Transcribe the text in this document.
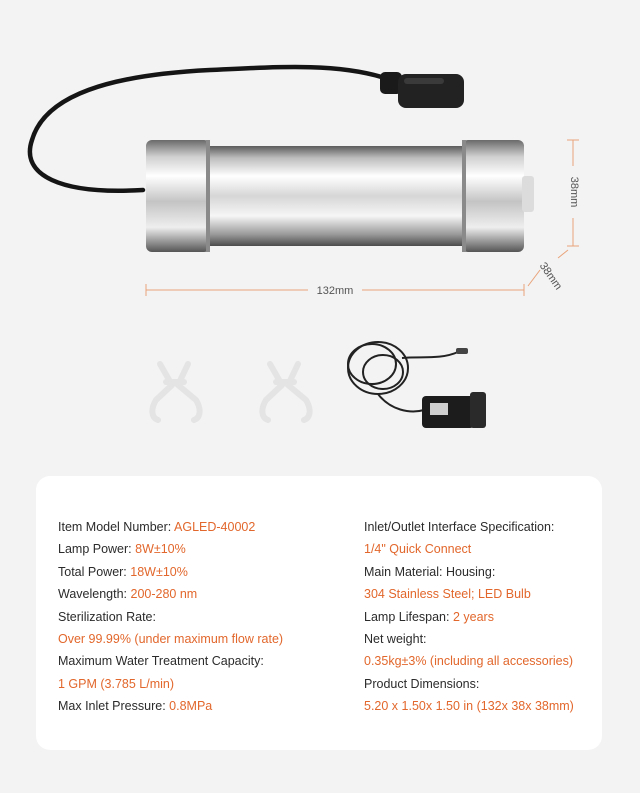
132mm
38mm
38mm
Item Model Number: AGLED-40002
Lamp Power: 8W±10%
Total Power: 18W±10%
Wavelength: 200-280 nm
Sterilization Rate:
Over 99.99% (under maximum flow rate)
Maximum Water Treatment Capacity:
1 GPM (3.785 L/min)
Max Inlet Pressure: 0.8MPa
Inlet/Outlet Interface Specification:
1/4" Quick Connect
Main Material: Housing:
304 Stainless Steel; LED Bulb
Lamp Lifespan: 2 years
Net weight:
0.35kg±3% (including all accessories)
Product Dimensions:
5.20 x 1.50x 1.50 in (132x 38x 38mm)
